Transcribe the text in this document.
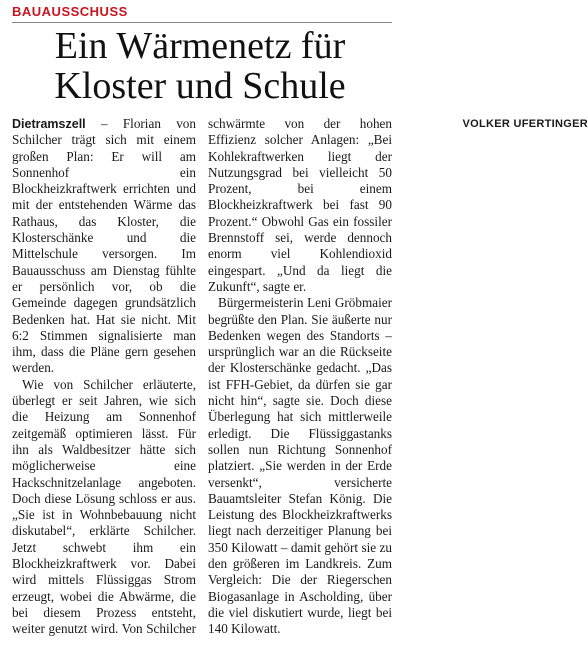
BAUAUSSCHUSS
Ein Wärmenetz für
Kloster und Schule

Dietramszell – Florian von Schilcher trägt sich mit einem großen Plan: Er will am Sonnenhof ein Blockheizkraftwerk errichten und mit der entstehenden Wärme das Rathaus, das Kloster, die Klosterschänke und die Mittelschule versorgen. Im Bauausschuss am Dienstag fühlte er persönlich vor, ob die Gemeinde dagegen grundsätzlich Bedenken hat. Hat sie nicht. Mit 6:2 Stimmen signalisierte man ihm, dass die Pläne gern gesehen werden.

Wie von Schilcher erläuterte, überlegt er seit Jahren, wie sich die Heizung am Sonnenhof zeitgemäß optimieren lässt. Für ihn als Waldbesitzer hätte sich möglicherweise eine Hackschnitzelanlage angeboten. Doch diese Lösung schloss er aus. „Sie ist in Wohnbebauung nicht diskutabel“, erklärte Schilcher. Jetzt schwebt ihm ein Blockheizkraftwerk vor. Dabei wird mittels Flüssiggas Strom erzeugt, wobei die Abwärme, die bei diesem Prozess entsteht, weiter genutzt wird. Von Schilcher schwärmte von der hohen Effizienz solcher Anlagen: „Bei Kohlekraftwerken liegt der Nutzungsgrad bei vielleicht 50 Prozent, bei einem Blockheizkraftwerk bei fast 90 Prozent.“ Obwohl Gas ein fossiler Brennstoff sei, werde dennoch enorm viel Kohlendioxid eingespart. „Und da liegt die Zukunft“, sagte er.

Bürgermeisterin Leni Gröbmaier begrüßte den Plan. Sie äußerte nur Bedenken wegen des Standorts – ursprünglich war an die Rückseite der Klosterschänke gedacht. „Das ist FFH-Gebiet, da dürfen sie gar nicht hin“, sagte sie. Doch diese Überlegung hat sich mittlerweile erledigt. Die Flüssiggastanks sollen nun Richtung Sonnenhof platziert. „Sie werden in der Erde versenkt“, versicherte Bauamtsleiter Stefan König. Die Leistung des Blockheizkraftwerks liegt nach derzeitiger Planung bei 350 Kilowatt – damit gehört sie zu den größeren im Landkreis. Zum Vergleich: Die der Riegerschen Biogasanlage in Ascholding, über die viel diskutiert wurde, liegt bei 140 Kilowatt.
VOLKER UFERTINGER
